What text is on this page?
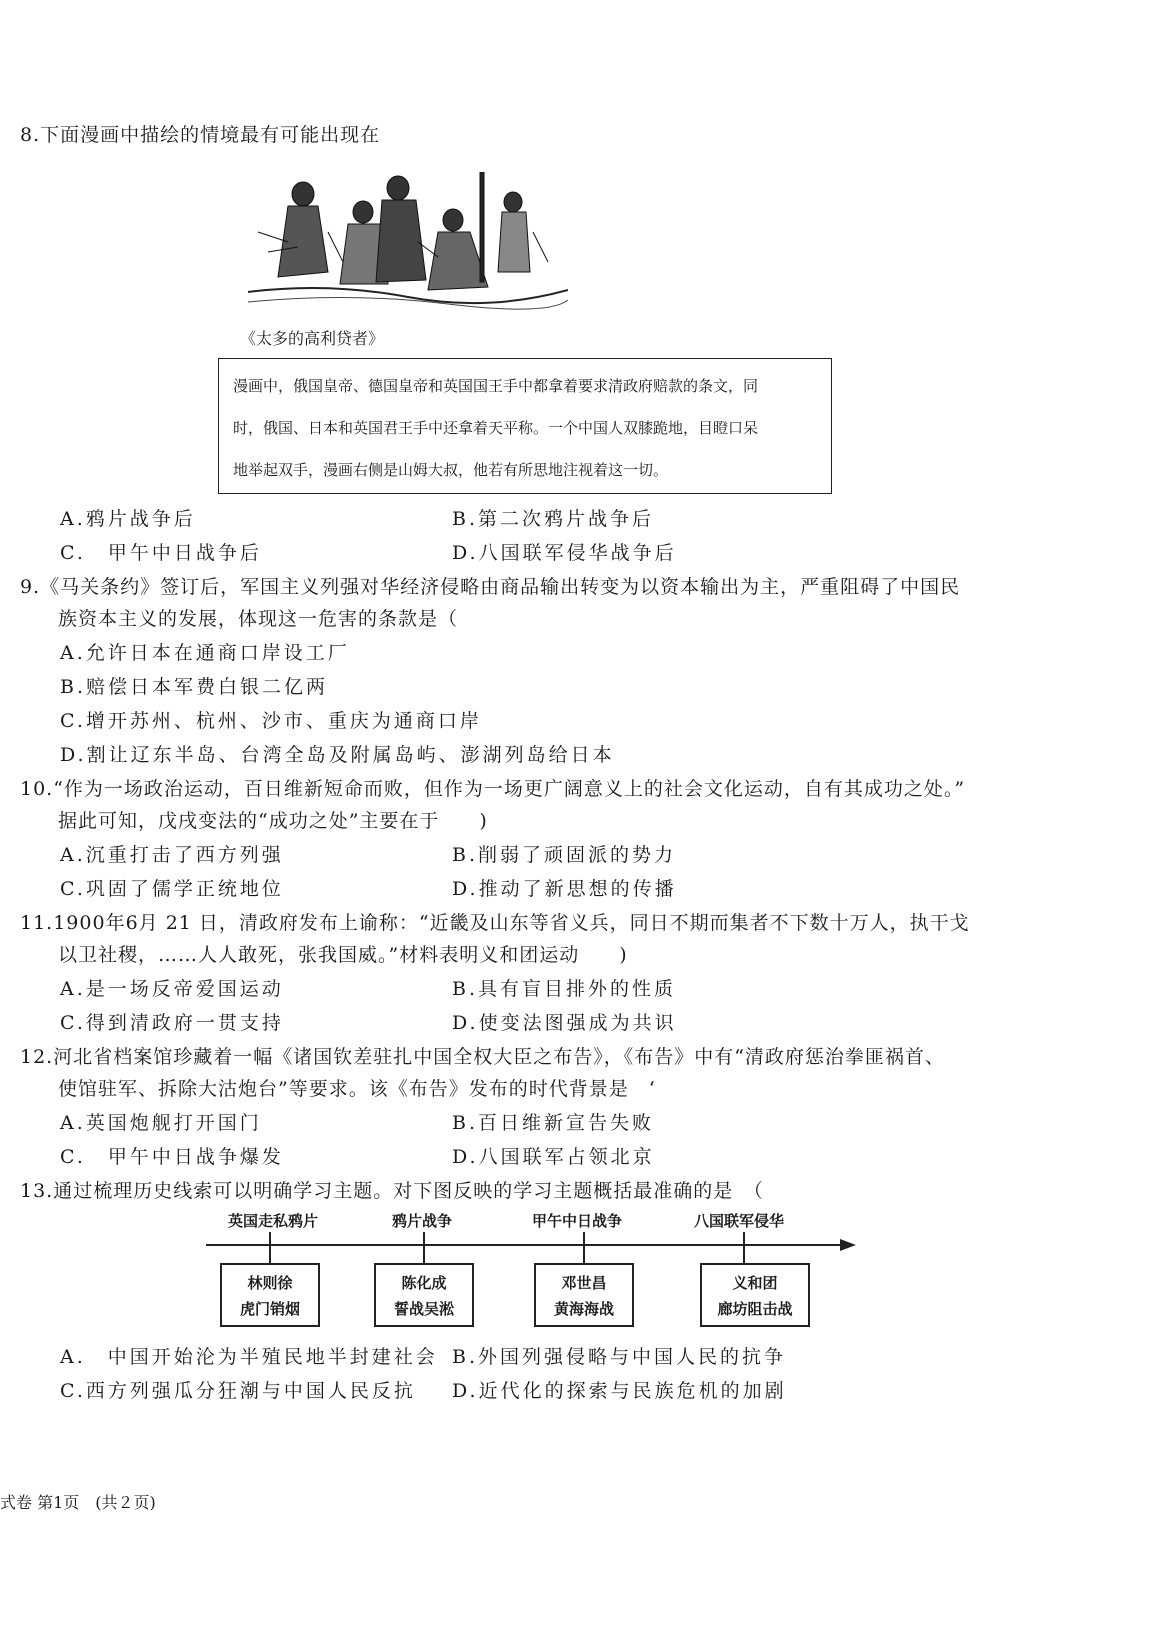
8.下面漫画中描绘的情境最有可能出现在
《太多的高利贷者》
漫画中，俄国皇帝、德国皇帝和英国国王手中都拿着要求清政府赔款的条文，同
时，俄国、日本和英国君王手中还拿着天平称。一个中国人双膝跪地，目瞪口呆
地举起双手，漫画右侧是山姆大叔，他若有所思地注视着这一切。
A.鸦片战争后	B.第二次鸦片战争后
C.　甲午中日战争后	D.八国联军侵华战争后
9.《马关条约》签订后，军国主义列强对华经济侵略由商品输出转变为以资本输出为主，严重阻碍了中国民
族资本主义的发展，体现这一危害的条款是（
A.允许日本在通商口岸设工厂
B.赔偿日本军费白银二亿两
C.增开苏州、杭州、沙市、重庆为通商口岸
D.割让辽东半岛、台湾全岛及附属岛屿、澎湖列岛给日本
10.“作为一场政治运动，百日维新短命而败，但作为一场更广阔意义上的社会文化运动，自有其成功之处。”
据此可知，戊戌变法的“成功之处”主要在于　　)
A.沉重打击了西方列强	B.削弱了顽固派的势力
C.巩固了儒学正统地位	D.推动了新思想的传播
11.1900年6月 21 日，清政府发布上谕称：“近畿及山东等省义兵，同日不期而集者不下数十万人，执干戈
以卫社稷，……人人敢死，张我国威。”材料表明义和团运动　　)
A.是一场反帝爱国运动	B.具有盲目排外的性质
C.得到清政府一贯支持	D.使变法图强成为共识
12.河北省档案馆珍藏着一幅《诸国钦差驻扎中国全权大臣之布告》，《布告》中有“清政府惩治拳匪祸首、
使馆驻军、拆除大沽炮台”等要求。该《布告》发布的时代背景是　‘
A.英国炮舰打开国门	B.百日维新宣告失败
C.　甲午中日战争爆发	D.八国联军占领北京
13.通过梳理历史线索可以明确学习主题。对下图反映的学习主题概括最准确的是　（
英国走私鸦片	鸦片战争	甲午中日战争	八国联军侵华
林则徐
虎门销烟
陈化成
誓战吴淞
邓世昌
黄海海战
义和团
廊坊阻击战
A.　中国开始沦为半殖民地半封建社会 B.外国列强侵略与中国人民的抗争
C.西方列强瓜分狂潮与中国人民反抗 D.近代化的探索与民族危机的加剧
式卷 第1页　(共２页)
